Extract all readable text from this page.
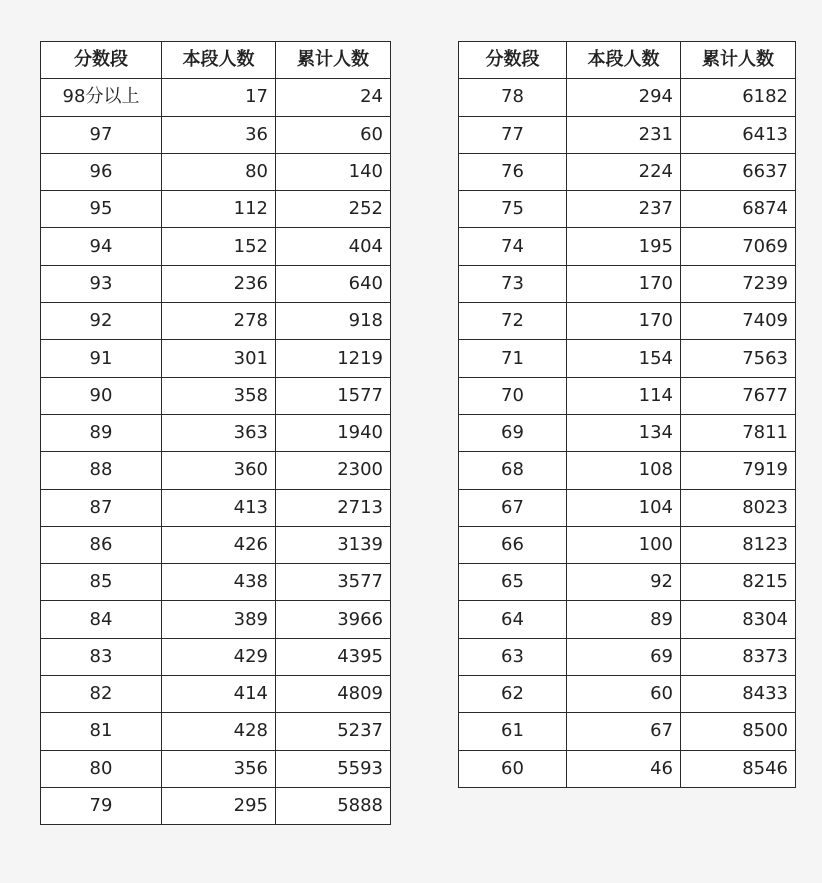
分数段	本段人数	累计人数
98分以上	17	24
97	36	60
96	80	140
95	112	252
94	152	404
93	236	640
92	278	918
91	301	1219
90	358	1577
89	363	1940
88	360	2300
87	413	2713
86	426	3139
85	438	3577
84	389	3966
83	429	4395
82	414	4809
81	428	5237
80	356	5593
79	295	5888
分数段	本段人数	累计人数
78	294	6182
77	231	6413
76	224	6637
75	237	6874
74	195	7069
73	170	7239
72	170	7409
71	154	7563
70	114	7677
69	134	7811
68	108	7919
67	104	8023
66	100	8123
65	92	8215
64	89	8304
63	69	8373
62	60	8433
61	67	8500
60	46	8546
